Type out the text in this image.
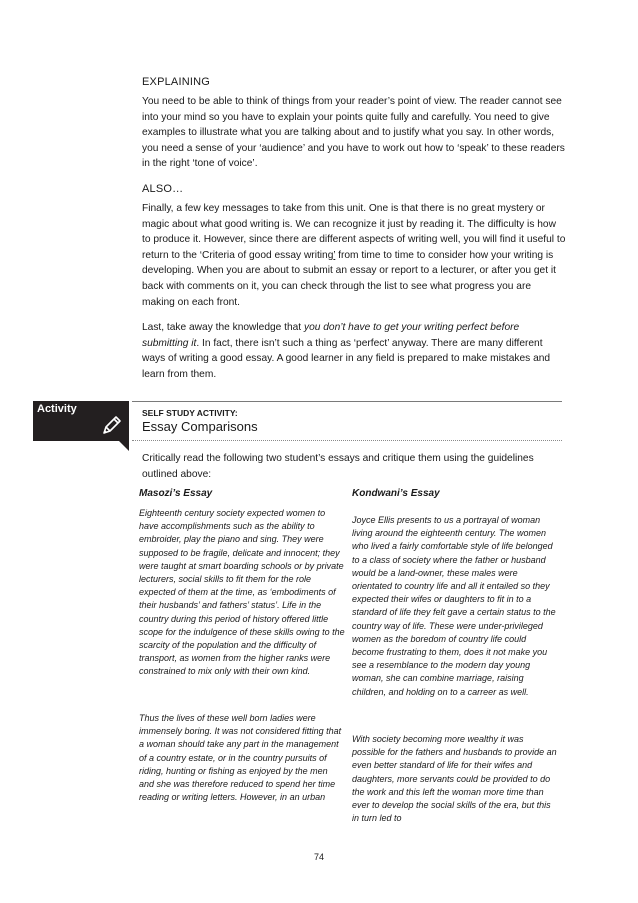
EXPLAINING

You need to be able to think of things from your reader’s point of view. The reader cannot see into your mind so you have to explain your points quite fully and carefully. You need to give examples to illustrate what you are talking about and to justify what you say. In other words, you need a sense of your ‘audience’ and you have to work out how to ‘speak’ to these readers in the right ‘tone of voice’.

ALSO…

Finally, a few key messages to take from this unit. One is that there is no great mystery or magic about what good writing is. We can recognize it just by reading it. The difficulty is how to produce it. However, since there are different aspects of writing well, you will find it useful to return to the ‘Criteria of good essay writing’ from time to time to consider how your writing is developing. When you are about to submit an essay or report to a lecturer, or after you get it back with comments on it, you can check through the list to see what progress you are making on each front.

Last, take away the knowledge that you don’t have to get your writing perfect before submitting it. In fact, there isn’t such a thing as ‘perfect’ anyway. There are many different ways of writing a good essay. A good learner in any field is prepared to make mistakes and learn from them.

Activity	SELF STUDY ACTIVITY:

Essay Comparisons

Critically read the following two student’s essays and critique them using the guidelines outlined above:

Masozi’s Essay

Eighteenth century society expected women to have accomplishments such as the ability to embroider, play the piano and sing. They were supposed to be fragile, delicate and innocent; they were taught at smart boarding schools or by private lecturers, social skills to fit them for the role expected of them at the time, as ‘embodiments of their husbands’ and fathers’ status’. Life in the country during this period of history offered little scope for the indulgence of these skills owing to the scarcity of the population and the difficulty of transport, as women from the higher ranks were constrained to mix only with their own kind.

Thus the lives of these well born ladies were immensely boring. It was not considered fitting that a woman should take any part in the management of a country estate, or in the country pursuits of riding, hunting or fishing as enjoyed by the men and she was therefore reduced to spend her time reading or writing letters. However, in an urban

Kondwani’s Essay

Joyce Ellis presents to us a portrayal of woman living around the eighteenth century. The women who lived a fairly comfortable style of life belonged to a class of society where the father or husband would be a land-owner, these males were orientated to country life and all it entailed so they expected their wifes or daughters to fit in to a standard of life they felt gave a certain status to the country way of life. These were under-privileged women as the boredom of country life could become frustrating to them, does it not make you see a resemblance to the modern day young woman, she can combine marriage, raising children, and holding on to a carreer as well.

With society becoming more wealthy it was possible for the fathers and husbands to provide an even better standard of life for their wifes and daughters, more servants could be provided to do the work and this left the woman more time than ever to develop the social skills of the era, but this in turn led to

74
